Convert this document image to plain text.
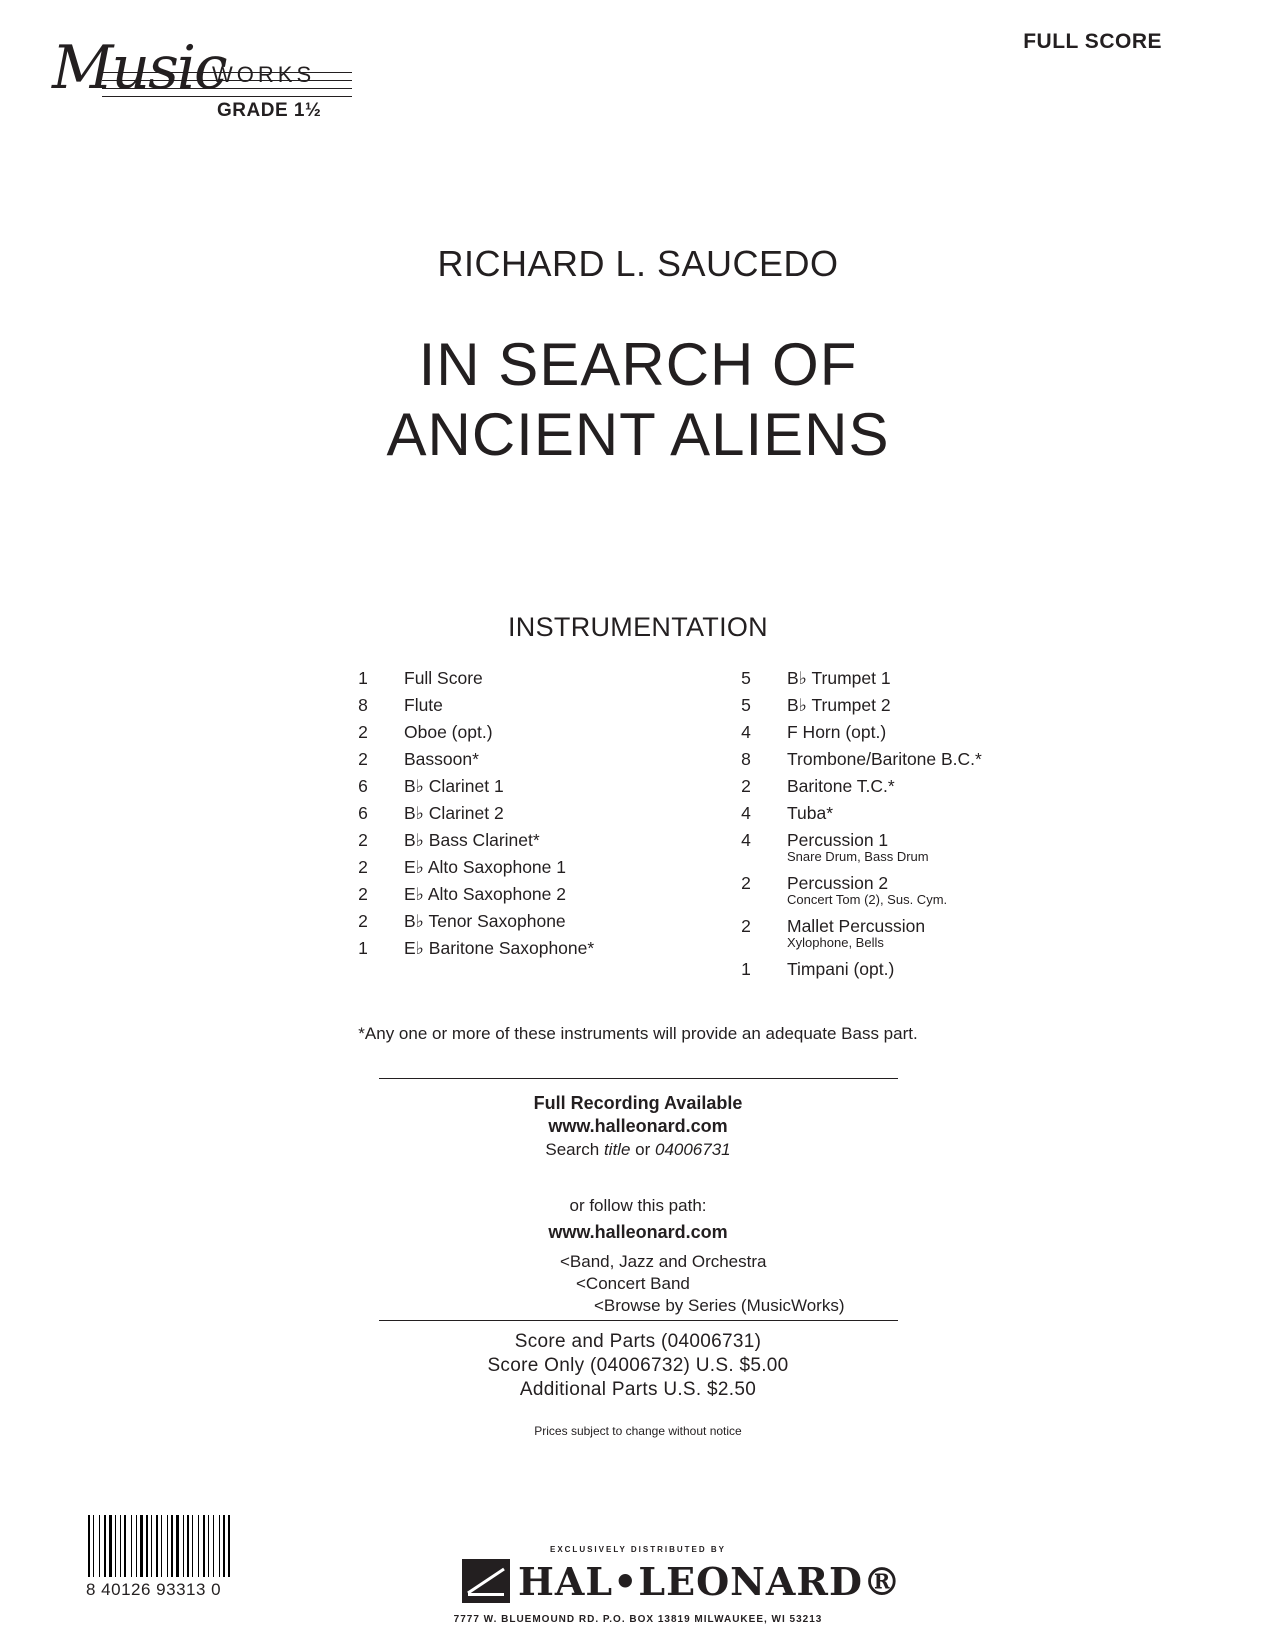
Music
WORKS
GRADE 1½
FULL SCORE
RICHARD L. SAUCEDO
IN SEARCH OF
ANCIENT ALIENS
INSTRUMENTATION
1	Full Score
8	Flute
2	Oboe (opt.)
2	Bassoon*
6	B♭ Clarinet 1
6	B♭ Clarinet 2
2	B♭ Bass Clarinet*
2	E♭ Alto Saxophone 1
2	E♭ Alto Saxophone 2
2	B♭ Tenor Saxophone
1	E♭ Baritone Saxophone*
5	B♭ Trumpet 1
5	B♭ Trumpet 2
4	F Horn (opt.)
8	Trombone/Baritone B.C.*
2	Baritone T.C.*
4	Tuba*
4	Percussion 1
Snare Drum, Bass Drum
2	Percussion 2
Concert Tom (2), Sus. Cym.
2	Mallet Percussion
Xylophone, Bells
1	Timpani (opt.)
*Any one or more of these instruments will provide an adequate Bass part.
Full Recording Available
www.halleonard.com
Search title or 04006731
or follow this path:
www.halleonard.com
<Band, Jazz and Orchestra
<Concert Band
<Browse by Series (MusicWorks)
Score and Parts (04006731)
Score Only (04006732) U.S. $5.00
Additional Parts U.S. $2.50
Prices subject to change without notice
8 40126 93313 0
EXCLUSIVELY DISTRIBUTED BY
HAL•LEONARD®
7777 W. BLUEMOUND RD. P.O. BOX 13819 MILWAUKEE, WI 53213
